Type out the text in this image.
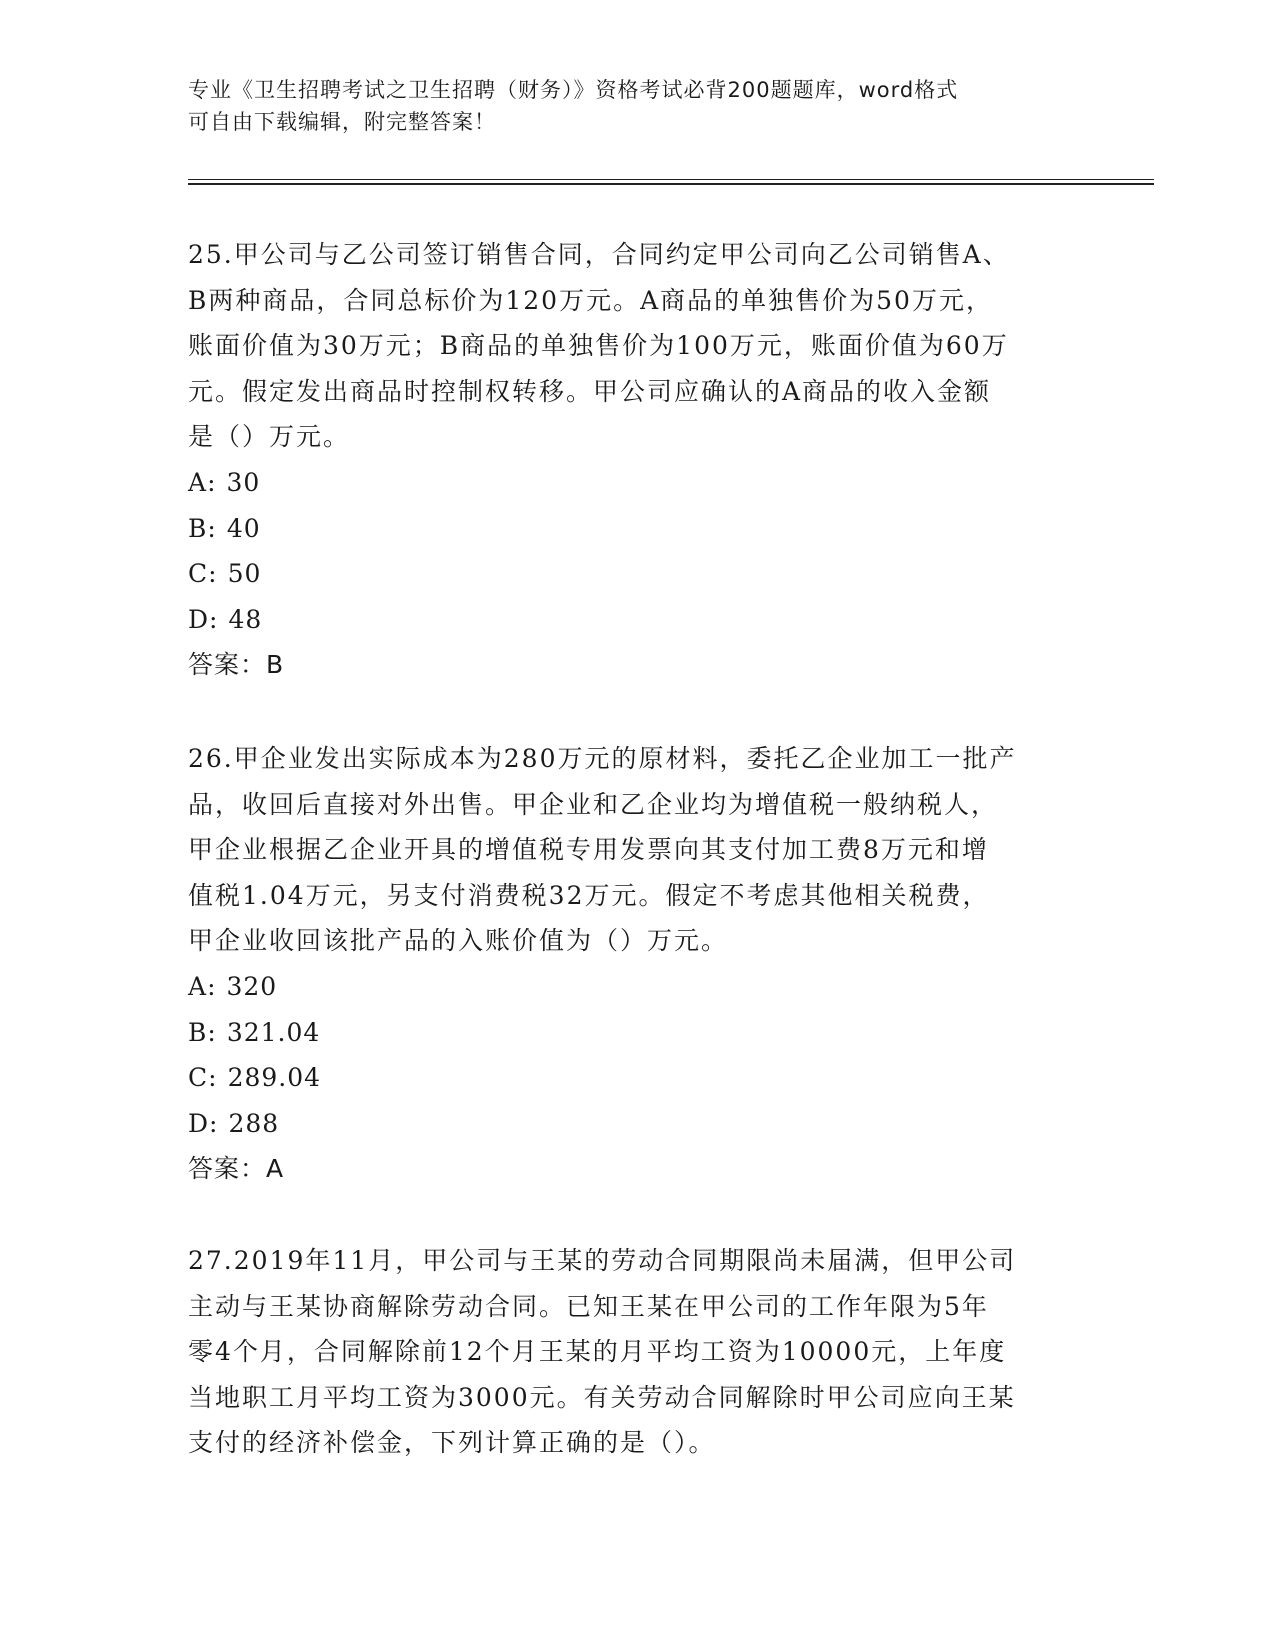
专业《卫生招聘考试之卫生招聘（财务）》资格考试必背200题题库，word格式
可自由下载编辑，附完整答案！
25.甲公司与乙公司签订销售合同，合同约定甲公司向乙公司销售A、
B两种商品，合同总标价为120万元。A商品的单独售价为50万元，
账面价值为30万元；B商品的单独售价为100万元，账面价值为60万
元。假定发出商品时控制权转移。甲公司应确认的A商品的收入金额
是（）万元。
A: 30
B: 40
C: 50
D: 48
答案：B
26.甲企业发出实际成本为280万元的原材料，委托乙企业加工一批产
品，收回后直接对外出售。甲企业和乙企业均为增值税一般纳税人，
甲企业根据乙企业开具的增值税专用发票向其支付加工费8万元和增
值税1.04万元，另支付消费税32万元。假定不考虑其他相关税费，
甲企业收回该批产品的入账价值为（）万元。
A: 320
B: 321.04
C: 289.04
D: 288
答案：A
27.2019年11月，甲公司与王某的劳动合同期限尚未届满，但甲公司
主动与王某协商解除劳动合同。已知王某在甲公司的工作年限为5年
零4个月，合同解除前12个月王某的月平均工资为10000元，上年度
当地职工月平均工资为3000元。有关劳动合同解除时甲公司应向王某
支付的经济补偿金，下列计算正确的是（）。
